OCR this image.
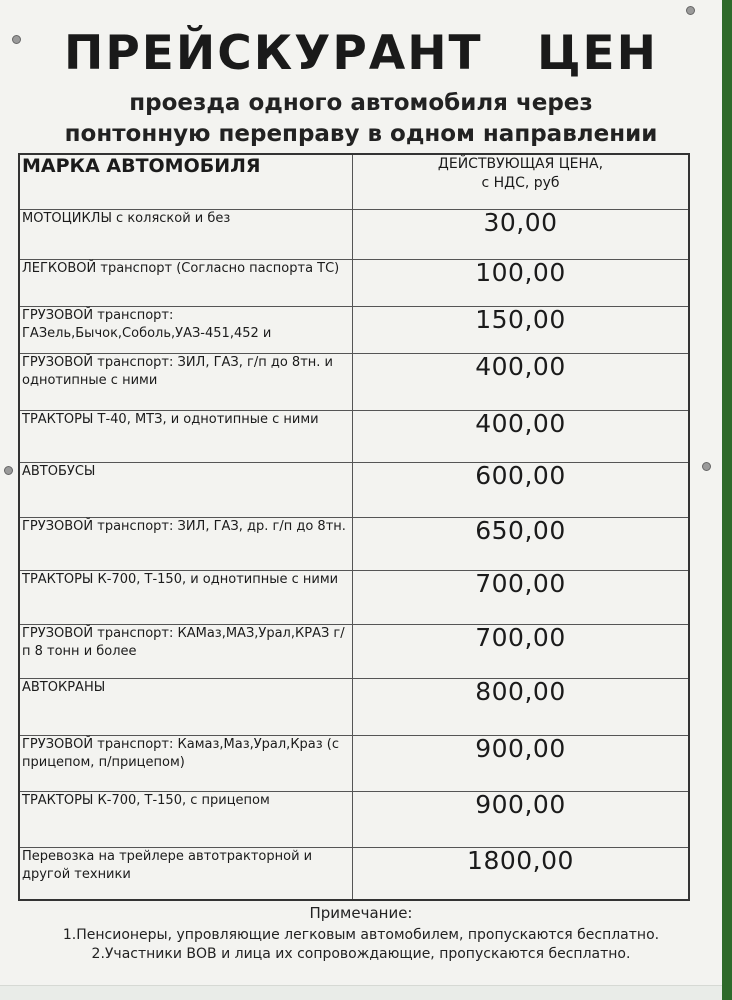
ПРЕЙСКУРАНТ ЦЕН
проезда одного автомобиля через
понтонную переправу в одном направлении
МАРКА АВТОМОБИЛЯ	ДЕЙСТВУЮЩАЯ ЦЕНА,
с НДС, руб
МОТОЦИКЛЫ с коляской и без	30,00
ЛЕГКОВОЙ транспорт (Согласно паспорта ТС)	100,00
ГРУЗОВОЙ транспорт: ГАЗель,Бычок,Соболь,УАЗ-451,452 и	150,00
ГРУЗОВОЙ транспорт: ЗИЛ, ГАЗ, г/п до 8тн. и однотипные с ними	400,00
ТРАКТОРЫ Т-40, МТЗ, и однотипные с ними	400,00
АВТОБУСЫ	600,00
ГРУЗОВОЙ транспорт: ЗИЛ, ГАЗ, др. г/п до 8тн.	650,00
ТРАКТОРЫ К-700, Т-150, и однотипные с ними	700,00
ГРУЗОВОЙ транспорт: КАМаз,МАЗ,Урал,КРАЗ г/п 8 тонн и более	700,00
АВТОКРАНЫ	800,00
ГРУЗОВОЙ транспорт: Камаз,Маз,Урал,Краз (с прицепом, п/прицепом)	900,00
ТРАКТОРЫ К-700, Т-150, с прицепом	900,00
Перевозка на трейлере автотракторной и другой техники	1800,00
Примечание:
1.Пенсионеры, упровляющие легковым автомобилем, пропускаются бесплатно.
2.Участники ВОВ и лица их сопровождающие, пропускаются бесплатно.
